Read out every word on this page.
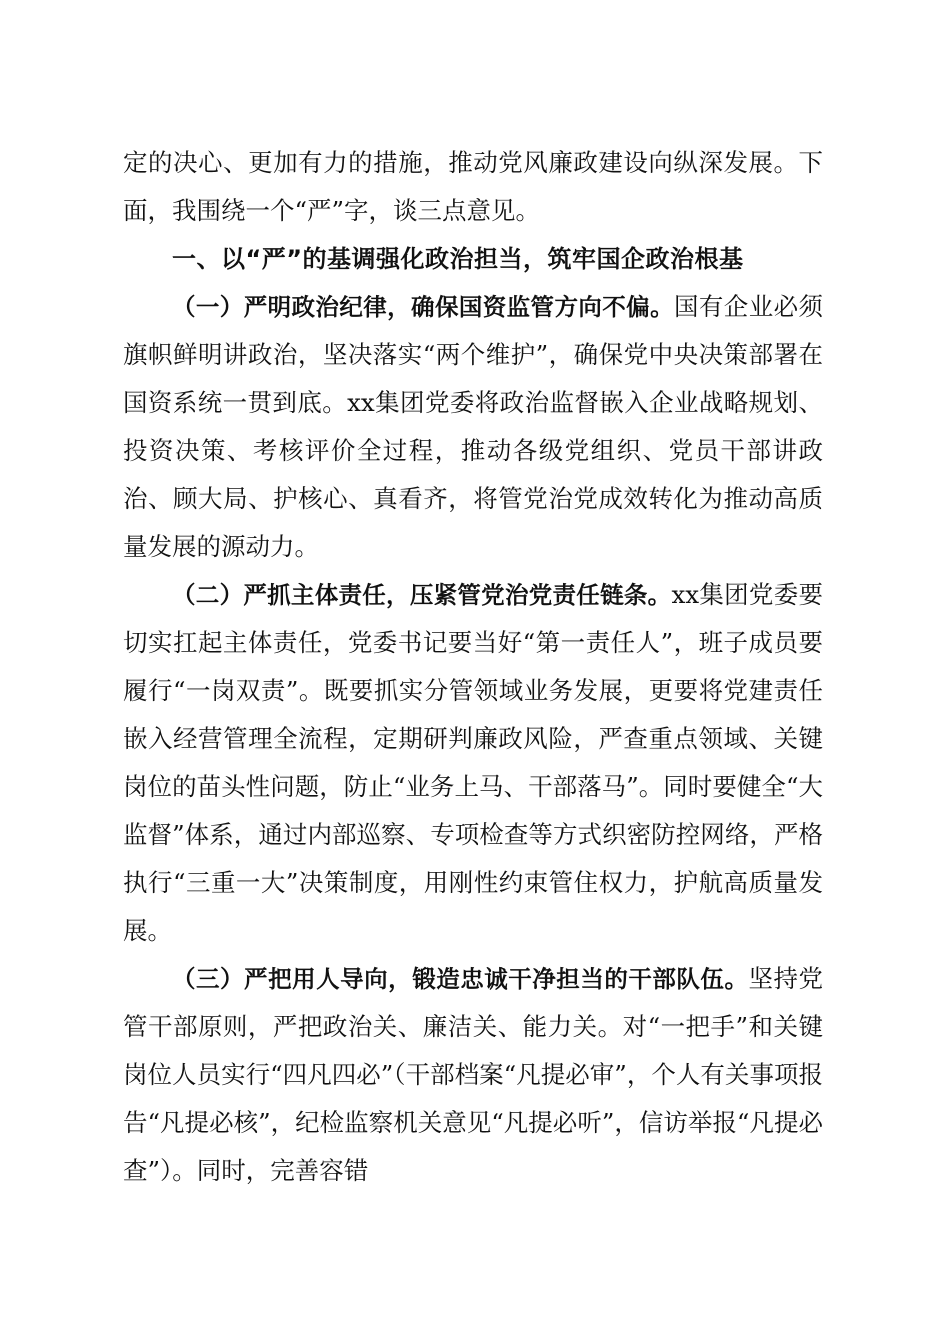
定的决心、更加有力的措施，推动党风廉政建设向纵深发展。下面，我围绕一个“严”字，谈三点意见。

一、以“严”的基调强化政治担当，筑牢国企政治根基

（一）严明政治纪律，确保国资监管方向不偏。国有企业必须旗帜鲜明讲政治，坚决落实“两个维护”，确保党中央决策部署在国资系统一贯到底。xx集团党委将政治监督嵌入企业战略规划、投资决策、考核评价全过程，推动各级党组织、党员干部讲政治、顾大局、护核心、真看齐，将管党治党成效转化为推动高质量发展的源动力。

（二）严抓主体责任，压紧管党治党责任链条。xx集团党委要切实扛起主体责任，党委书记要当好“第一责任人”，班子成员要履行“一岗双责”。既要抓实分管领域业务发展，更要将党建责任嵌入经营管理全流程，定期研判廉政风险，严查重点领域、关键岗位的苗头性问题，防止“业务上马、干部落马”。同时要健全“大监督”体系，通过内部巡察、专项检查等方式织密防控网络，严格执行“三重一大”决策制度，用刚性约束管住权力，护航高质量发展。

（三）严把用人导向，锻造忠诚干净担当的干部队伍。坚持党管干部原则，严把政治关、廉洁关、能力关。对“一把手”和关键岗位人员实行“四凡四必”（干部档案“凡提必审”，个人有关事项报告“凡提必核”，纪检监察机关意见“凡提必听”，信访举报“凡提必查”）。同时，完善容错
